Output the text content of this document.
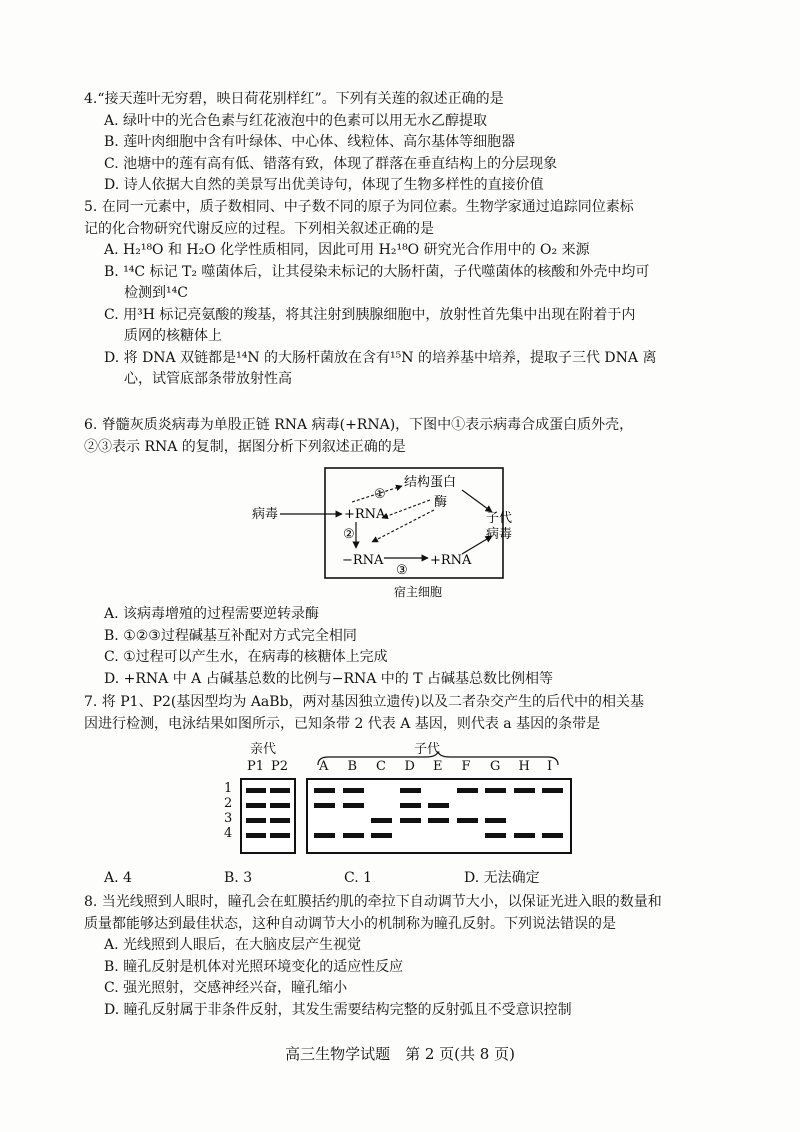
4.“接天莲叶无穷碧，映日荷花别样红”。下列有关莲的叙述正确的是

A. 绿叶中的光合色素与红花液泡中的色素可以用无水乙醇提取

B. 莲叶肉细胞中含有叶绿体、中心体、线粒体、高尔基体等细胞器

C. 池塘中的莲有高有低、错落有致，体现了群落在垂直结构上的分层现象

D. 诗人依据大自然的美景写出优美诗句，体现了生物多样性的直接价值

5. 在同一元素中，质子数相同、中子数不同的原子为同位素。生物学家通过追踪同位素标

记的化合物研究代谢反应的过程。下列相关叙述正确的是

A. H₂¹⁸O 和 H₂O 化学性质相同，因此可用 H₂¹⁸O 研究光合作用中的 O₂ 来源

B. ¹⁴C 标记 T₂ 噬菌体后，让其侵染未标记的大肠杆菌，子代噬菌体的核酸和外壳中均可

检测到¹⁴C

C. 用³H 标记亮氨酸的羧基，将其注射到胰腺细胞中，放射性首先集中出现在附着于内

质网的核糖体上

D. 将 DNA 双链都是¹⁴N 的大肠杆菌放在含有¹⁵N 的培养基中培养，提取子三代 DNA 离

心，试管底部条带放射性高

6. 脊髓灰质炎病毒为单股正链 RNA 病毒(+RNA)，下图中①表示病毒合成蛋白质外壳，

②③表示 RNA 的复制，据图分析下列叙述正确的是

病毒	+RNA
①
结构蛋白
酶
②
−RNA
③
+RNA
子代
病毒
宿主细胞

A. 该病毒增殖的过程需要逆转录酶

B. ①②③过程碱基互补配对方式完全相同

C. ①过程可以产生水，在病毒的核糖体上完成

D. +RNA 中 A 占碱基总数的比例与−RNA 中的 T 占碱基总数比例相等

7. 将 P1、P2(基因型均为 AaBb，两对基因独立遗传)以及二者杂交产生的后代中的相关基

因进行检测，电泳结果如图所示，已知条带 2 代表 A 基因，则代表 a 基因的条带是

亲代	子代
P1 P2 A B C D E F G H I
1
2
3
4
A. 4	B. 3	C. 1	D. 无法确定

8. 当光线照到人眼时，瞳孔会在虹膜括约肌的牵拉下自动调节大小，以保证光进入眼的数量和

质量都能够达到最佳状态，这种自动调节大小的机制称为瞳孔反射。下列说法错误的是

A. 光线照到人眼后，在大脑皮层产生视觉

B. 瞳孔反射是机体对光照环境变化的适应性反应

C. 强光照射，交感神经兴奋，瞳孔缩小

D. 瞳孔反射属于非条件反射，其发生需要结构完整的反射弧且不受意识控制

高三生物学试题　第 2 页(共 8 页)
